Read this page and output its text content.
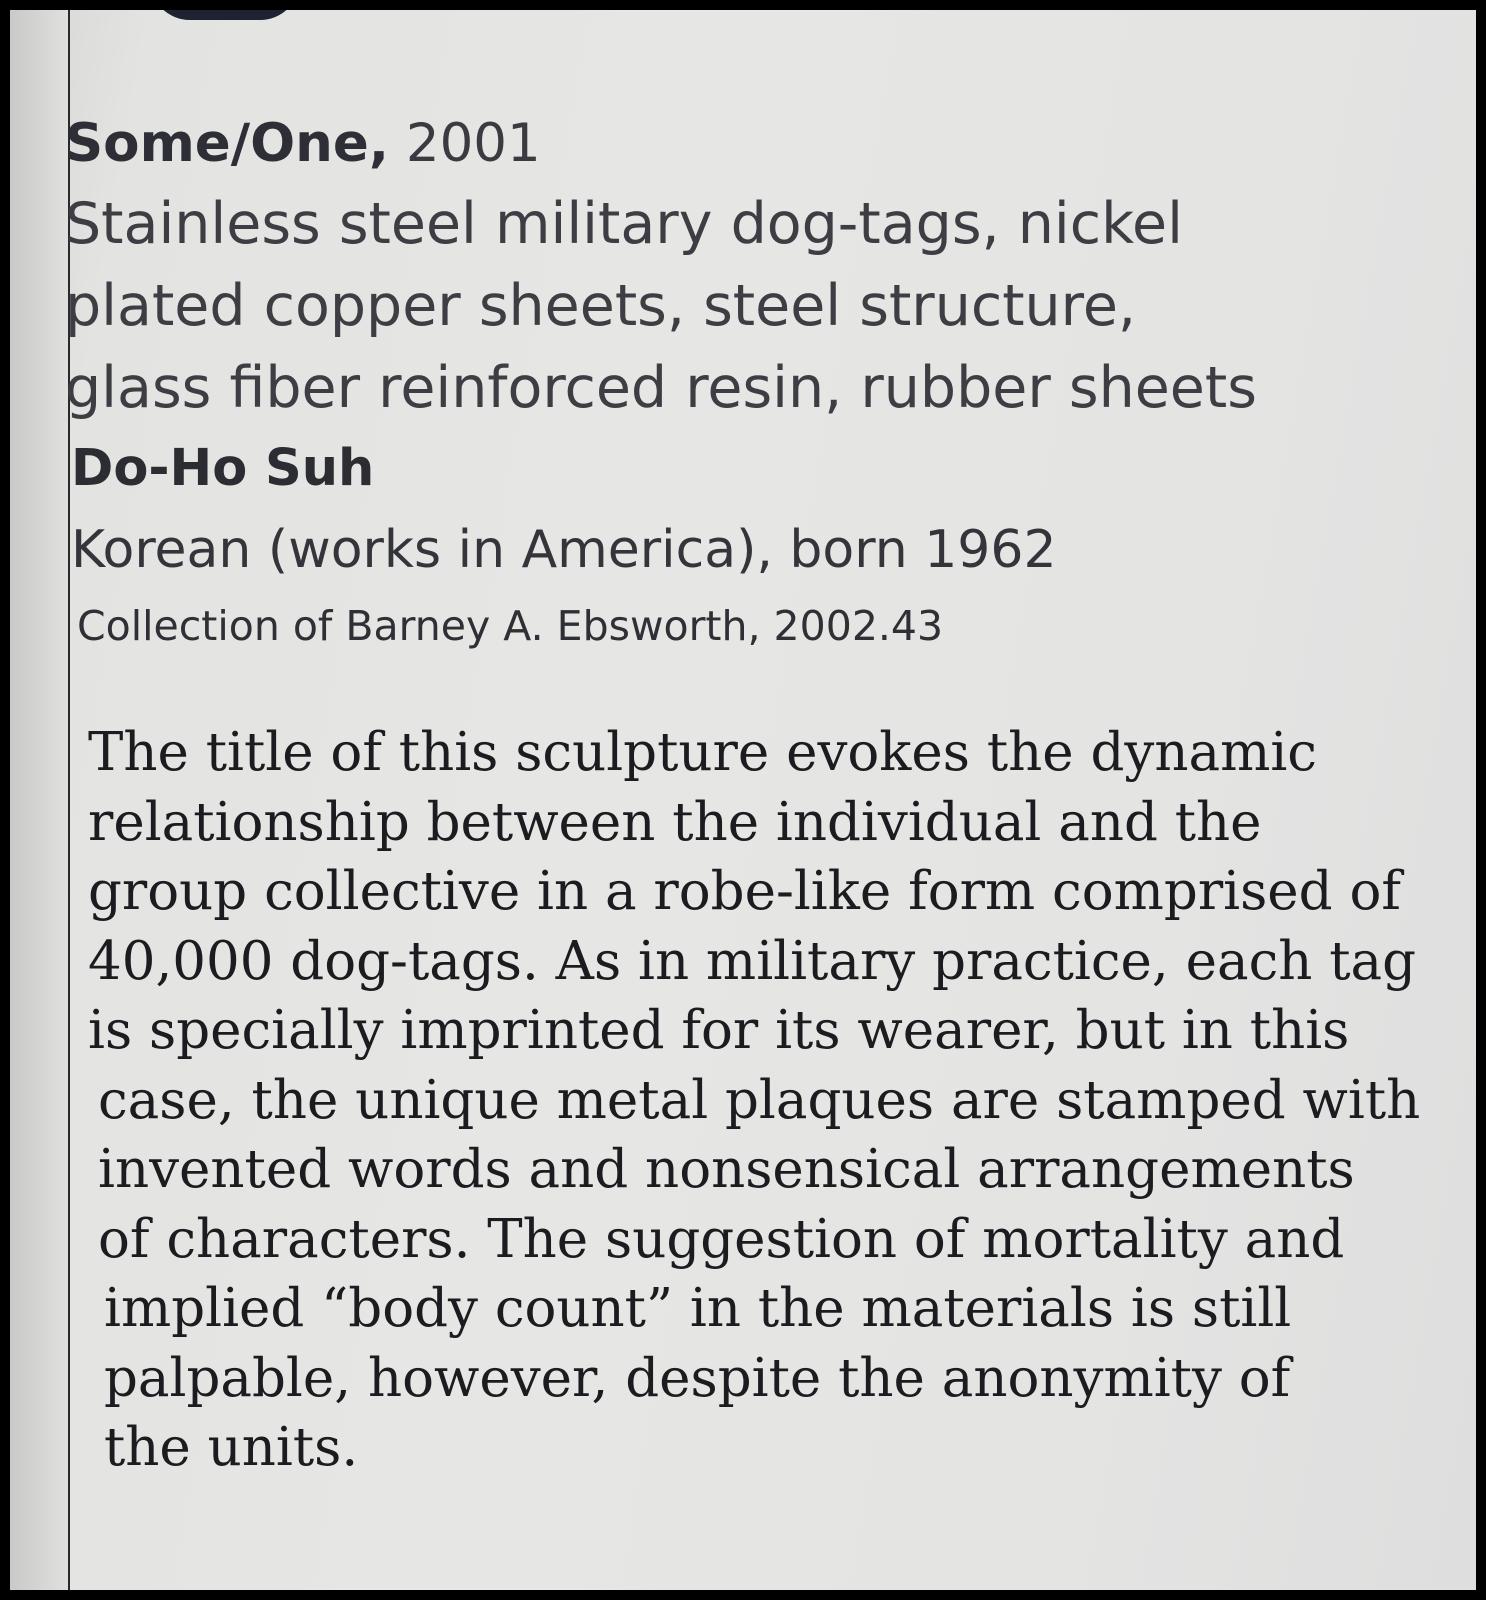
Some/One, 2001
Stainless steel military dog-tags, nickel
plated copper sheets, steel structure,
glass fiber reinforced resin, rubber sheets
Do-Ho Suh
Korean (works in America), born 1962
Collection of Barney A. Ebsworth, 2002.43
The title of this sculpture evokes the dynamic
relationship between the individual and the
group collective in a robe-like form comprised of
40,000 dog-tags. As in military practice, each tag
is specially imprinted for its wearer, but in this
case, the unique metal plaques are stamped with
invented words and nonsensical arrangements
of characters. The suggestion of mortality and
implied “body count” in the materials is still
palpable, however, despite the anonymity of
the units.
